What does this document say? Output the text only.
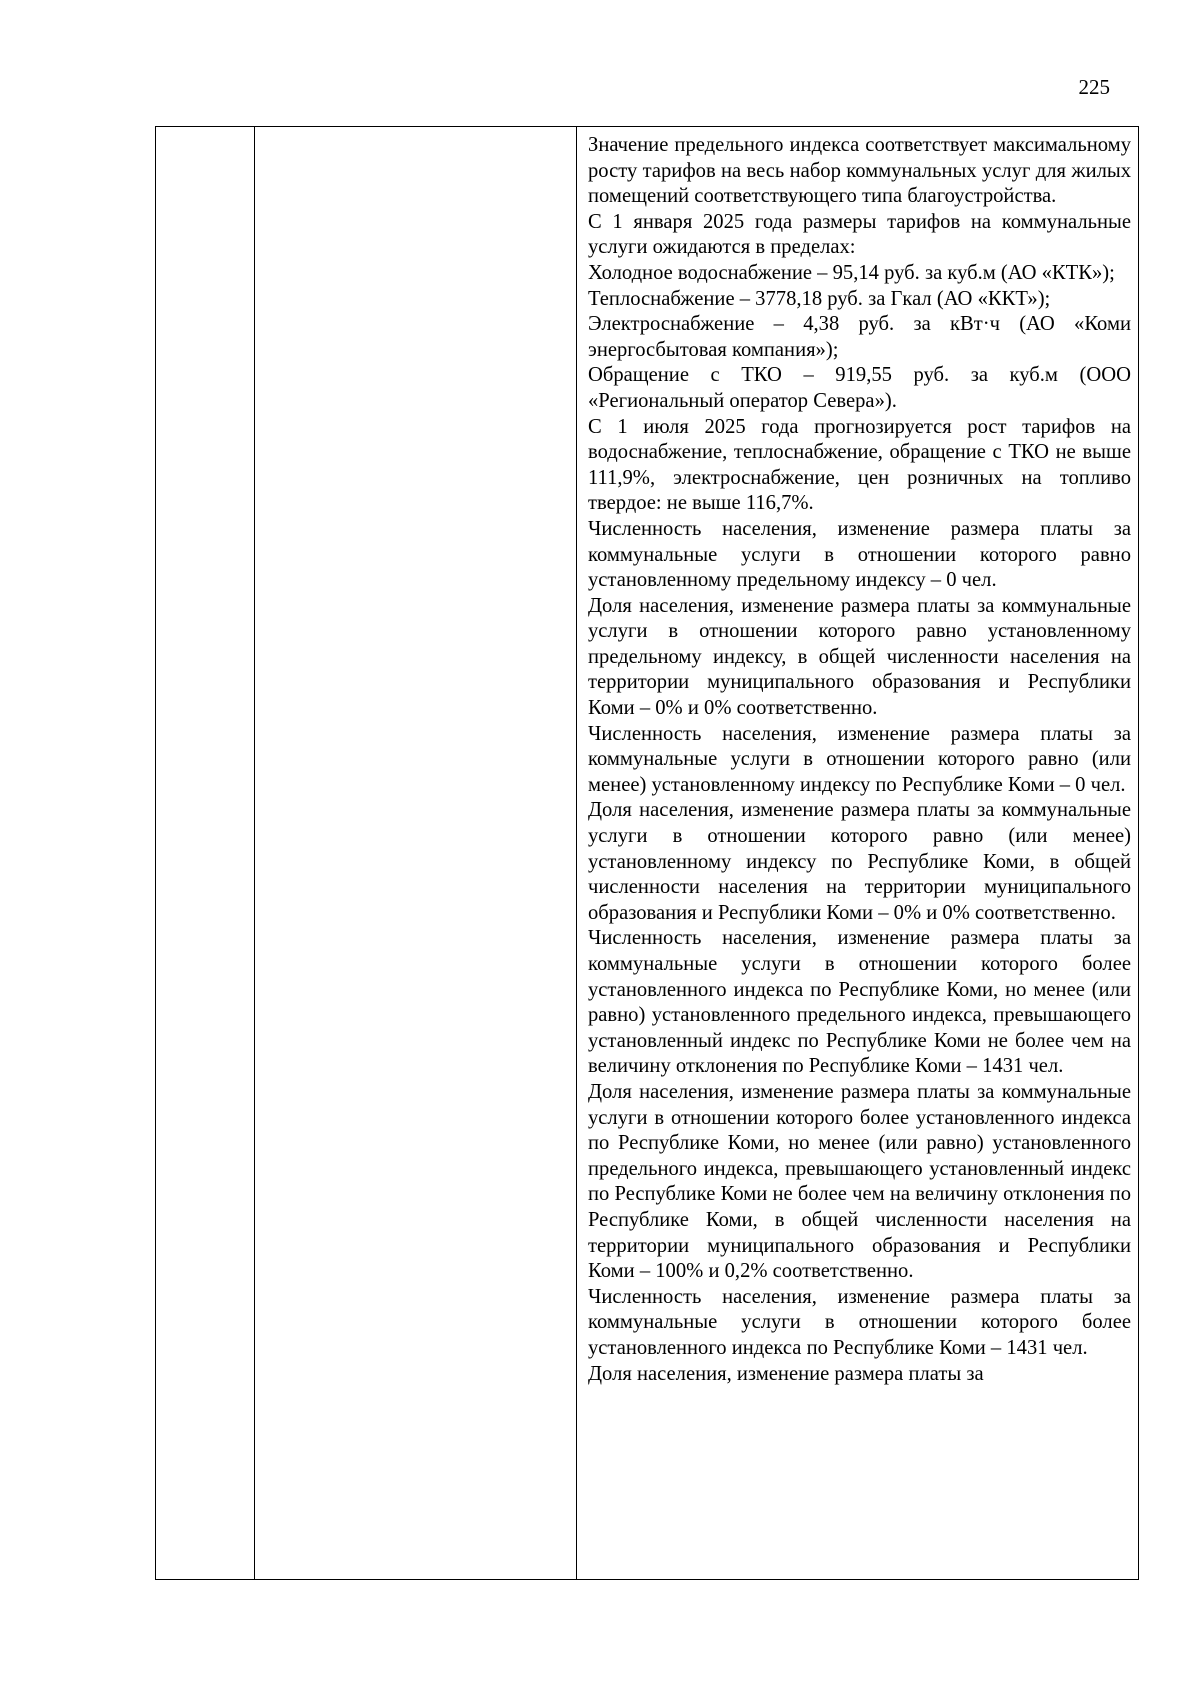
225

Значение предельного индекса соответствует максимальному росту тарифов на весь набор коммунальных услуг для жилых помещений соответствующего типа благоустройства.

С 1 января 2025 года размеры тарифов на коммунальные услуги ожидаются в пределах:

Холодное водоснабжение – 95,14 руб. за куб.м (АО «КТК»);

Теплоснабжение – 3778,18 руб. за Гкал (АО «ККТ»);

Электроснабжение – 4,38 руб. за кВт·ч (АО «Коми энергосбытовая компания»);

Обращение с ТКО – 919,55 руб. за куб.м (ООО «Региональный оператор Севера»).

С 1 июля 2025 года прогнозируется рост тарифов на водоснабжение, теплоснабжение, обращение с ТКО не выше 111,9%, электроснабжение, цен розничных на топливо твердое: не выше 116,7%.

Численность населения, изменение размера платы за коммунальные услуги в отношении которого равно установленному предельному индексу – 0 чел.

Доля населения, изменение размера платы за коммунальные услуги в отношении которого равно установленному предельному индексу, в общей численности населения на территории муниципального образования и Республики Коми – 0% и 0% соответственно.

Численность населения, изменение размера платы за коммунальные услуги в отношении которого равно (или менее) установленному индексу по Республике Коми – 0 чел.

Доля населения, изменение размера платы за коммунальные услуги в отношении которого равно (или менее) установленному индексу по Республике Коми, в общей численности населения на территории муниципального образования и Республики Коми – 0% и 0% соответственно.

Численность населения, изменение размера платы за коммунальные услуги в отношении которого более установленного индекса по Республике Коми, но менее (или равно) установленного предельного индекса, превышающего установленный индекс по Республике Коми не более чем на величину отклонения по Республике Коми – 1431 чел.

Доля населения, изменение размера платы за коммунальные услуги в отношении которого более установленного индекса по Республике Коми, но менее (или равно) установленного предельного индекса, превышающего установленный индекс по Республике Коми не более чем на величину отклонения по Республике Коми, в общей численности населения на территории муниципального образования и Республики Коми – 100% и 0,2% соответственно.

Численность населения, изменение размера платы за коммунальные услуги в отношении которого более установленного индекса по Республике Коми – 1431 чел.

Доля населения, изменение размера платы за
